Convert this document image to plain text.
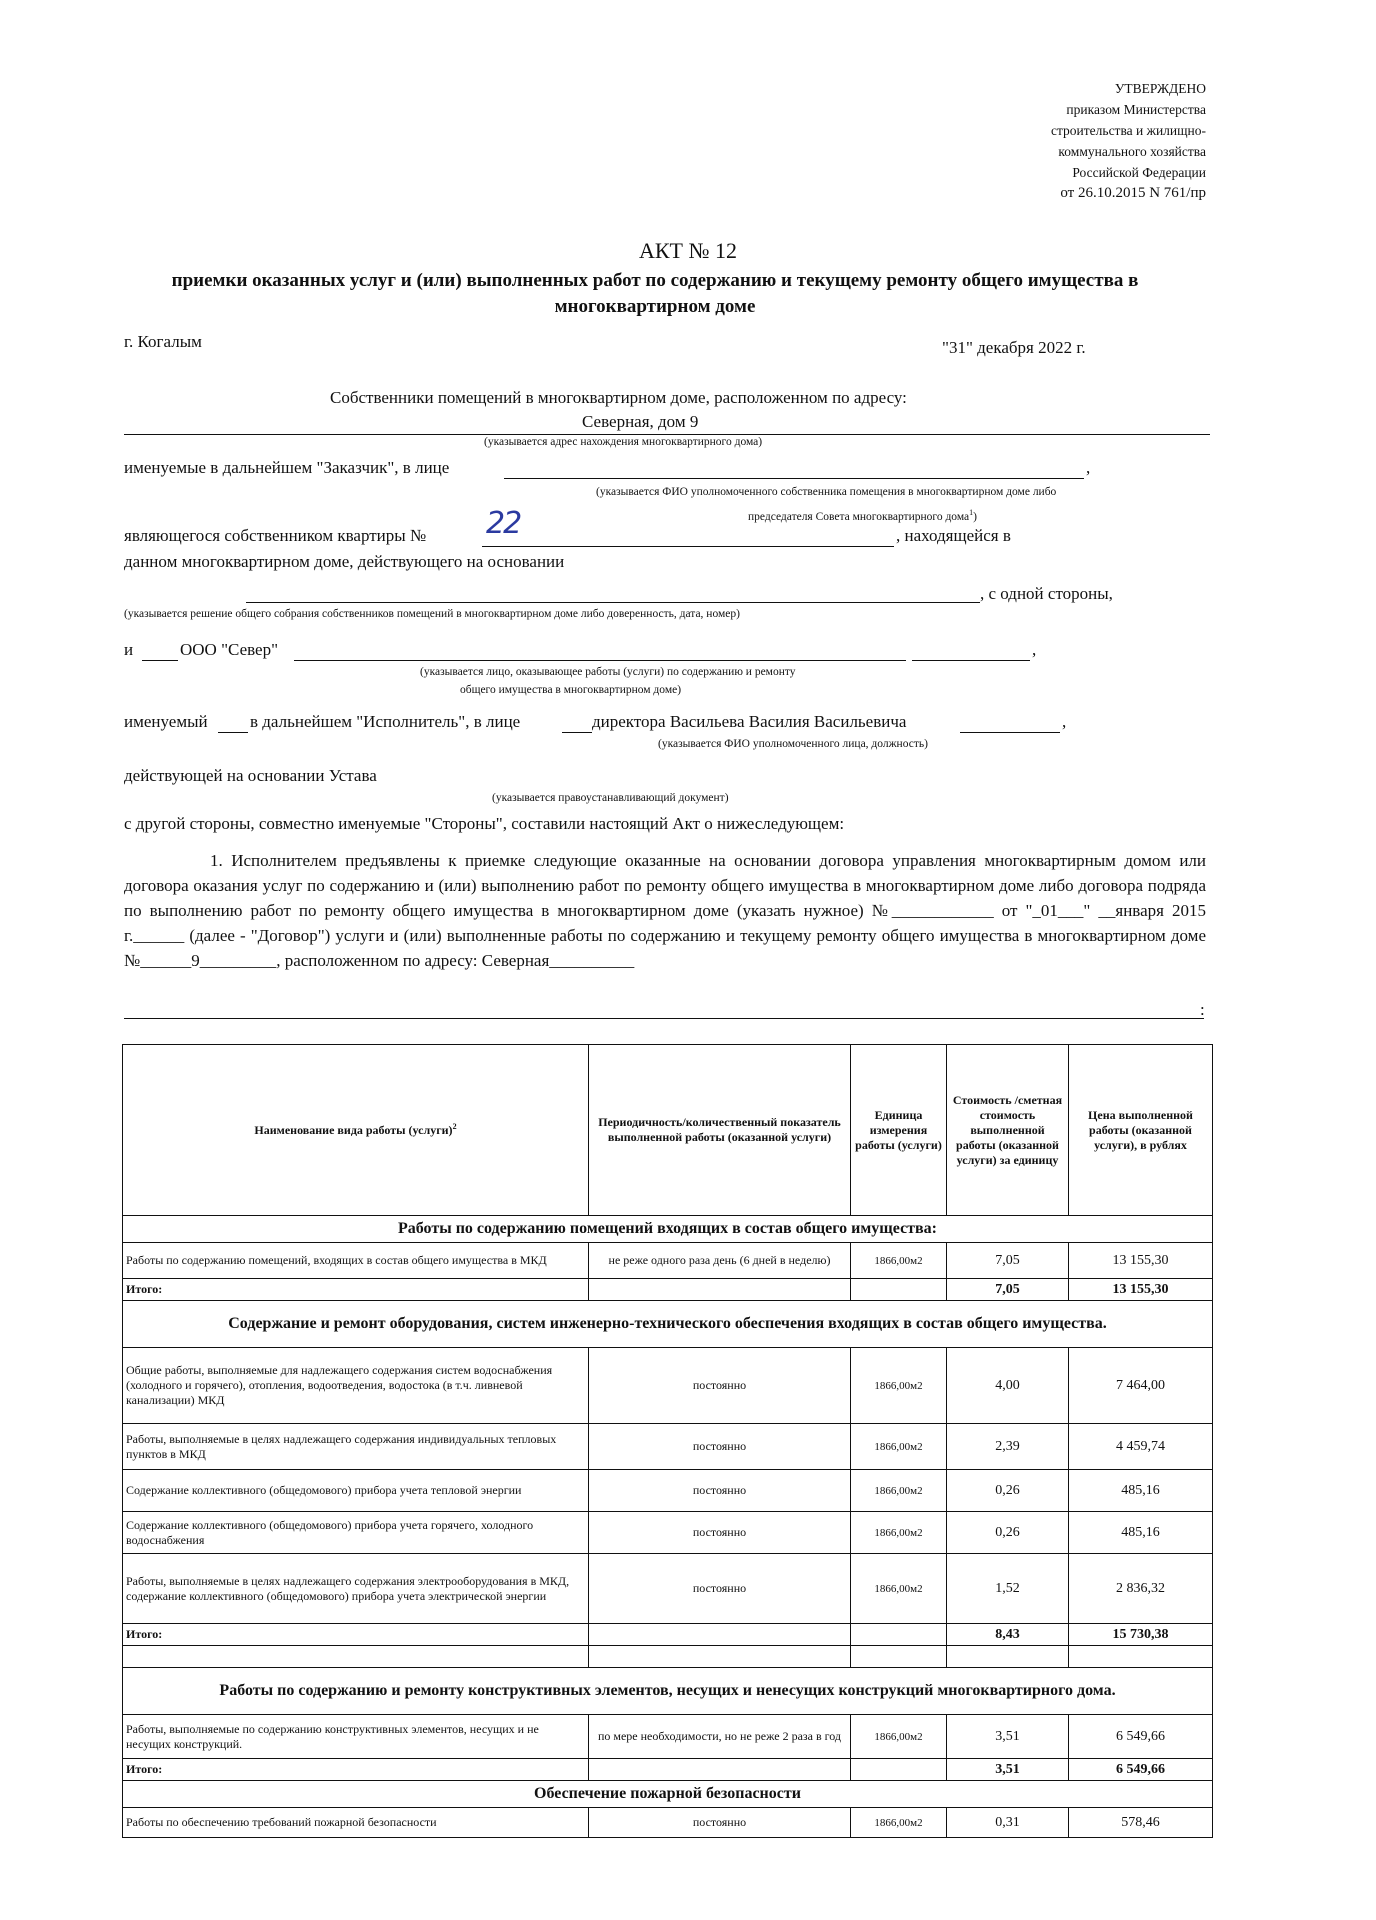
УТВЕРЖДЕНО
приказом Министерства
строительства и жилищно-
коммунального хозяйства
Российской Федерации
от 26.10.2015 N 761/пр
АКТ № 12
приемки оказанных услуг и (или) выполненных работ по содержанию и текущему ремонту общего имущества в многоквартирном доме
г. Когалым	"31" декабря 2022 г.
Собственники помещений в многоквартирном доме, расположенном по адресу:
Северная, дом 9
(указывается адрес нахождения многоквартирного дома)
именуемые в дальнейшем "Заказчик", в лице	,
(указывается ФИО уполномоченного собственника помещения в многоквартирном доме либо
председателя Совета многоквартирного дома$^1$)
являющегося собственником квартиры № 22	, находящейся в
данном многоквартирном доме, действующего на основании
, с одной стороны,
(указывается решение общего собрания собственников помещений в многоквартирном доме либо доверенность, дата, номер)
и	ООО "Север"	,
(указывается лицо, оказывающее работы (услуги) по содержанию и ремонту
общего имущества в многоквартирном доме)
именуемый в дальнейшем "Исполнитель", в лице	директора Васильева Василия Васильевича	,
(указывается ФИО уполномоченного лица, должность)
действующей на основании Устава
(указывается правоустанавливающий документ)
с другой стороны, совместно именуемые "Стороны", составили настоящий Акт о нижеследующем:
1. Исполнителем предъявлены к приемке следующие оказанные на основании договора управления многоквартирным домом или договора оказания услуг по содержанию и (или) выполнению работ по ремонту общего имущества в многоквартирном доме либо договора подряда по выполнению работ по ремонту общего имущества в многоквартирном доме (указать нужное) №____________ от "_01___" __января 2015 г.______ (далее - "Договор") услуги и (или) выполненные работы по содержанию и текущему ремонту общего имущества в многоквартирном доме №______9_________, расположенном по адресу: Северная__________
:
Наименование вида работы (услуги)$^2$	Периодичность/количественный показатель выполненной работы (оказанной услуги)	Единица измерения работы (услуги)	Стоимость /сметная стоимость выполненной работы (оказанной услуги) за единицу	Цена выполненной работы (оказанной услуги), в рублях
Работы по содержанию помещений входящих в состав общего имущества:				
Работы по содержанию помещений, входящих в состав общего имущества в МКД	не реже одного раза день (6 дней в неделю)	1866,00м2	7,05	13 155,30
Итого:			7,05	13 155,30
Содержание и ремонт оборудования, систем инженерно-технического обеспечения входящих в состав общего имущества.				
Общие работы, выполняемые для надлежащего содержания систем водоснабжения (холодного и горячего), отопления, водоотведения, водостока (в т.ч. ливневой канализации) МКД	постоянно	1866,00м2	4,00	7 464,00
Работы, выполняемые в целях надлежащего содержания индивидуальных тепловых пунктов в МКД	постоянно	1866,00м2	2,39	4 459,74
Содержание коллективного (общедомового) прибора учета тепловой энергии	постоянно	1866,00м2	0,26	485,16
Содержание коллективного (общедомового) прибора учета горячего, холодного водоснабжения	постоянно	1866,00м2	0,26	485,16
Работы, выполняемые в целях надлежащего содержания электрооборудования в МКД, содержание коллективного (общедомового) прибора учета электрической энергии	постоянно	1866,00м2	1,52	2 836,32
Итого:			8,43	15 730,38

Работы по содержанию и ремонту конструктивных элементов, несущих и ненесущих конструкций многоквартирного дома.				
Работы, выполняемые по содержанию конструктивных элементов, несущих и не несущих конструкций.	по мере необходимости, но не реже 2 раза в год	1866,00м2	3,51	6 549,66
Итого:			3,51	6 549,66
Обеспечение пожарной безопасности				
Работы по обеспечению требований пожарной безопасности	постоянно	1866,00м2	0,31	578,46
